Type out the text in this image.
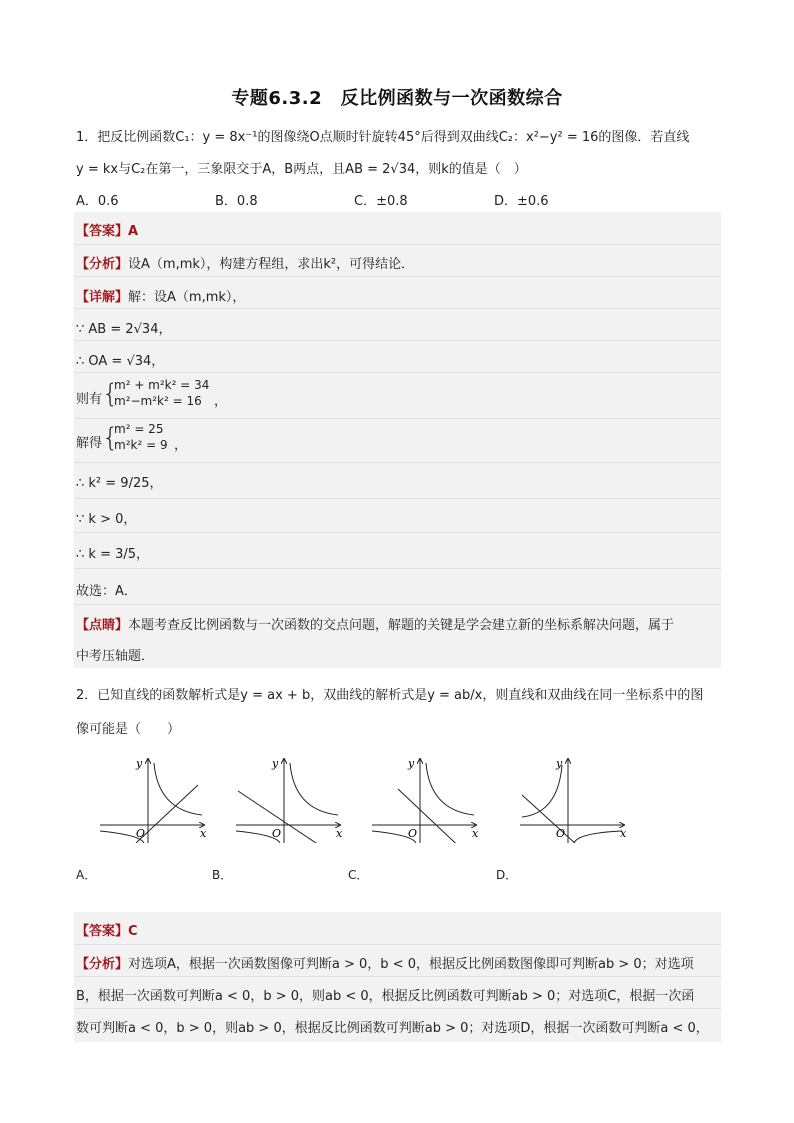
专题6.3.2　反比例函数与一次函数综合
1．把反比例函数C₁：y = 8x⁻¹的图像绕O点顺时针旋转45°后得到双曲线C₂：x²−y² = 16的图像．若直线
y = kx与C₂在第一，三象限交于A，B两点，且AB = 2√34，则k的值是（　）
A．0.6	B．0.8	C．±0.8	D．±0.6
【答案】A
【分析】设A（m,mk），构建方程组，求出k²，可得结论．
【详解】解：设A（m,mk），
∵ AB = 2√34，
∴ OA = √34，
则有 {
m² + m²k² = 34
m²−m²k² = 16 ，
解得 {
m² = 25
m²k² = 9 ，
∴ k² = 9/25，
∵ k > 0，
∴ k = 3/5，
故选：A．
【点睛】本题考查反比例函数与一次函数的交点问题，解题的关键是学会建立新的坐标系解决问题，属于
中考压轴题．
2．已知直线的函数解析式是y = ax + b，双曲线的解析式是y = ab/x，则直线和双曲线在同一坐标系中的图
像可能是（　　）
y
x
O
A．
y
x
O
B．
y
x
O
C．
y
x
O
D．
【答案】C
【分析】对选项A，根据一次函数图像可判断a > 0，b < 0，根据反比例函数图像即可判断ab > 0；对选项
B，根据一次函数可判断a < 0，b > 0，则ab < 0，根据反比例函数可判断ab > 0；对选项C，根据一次函
数可判断a < 0，b > 0，则ab > 0，根据反比例函数可判断ab > 0；对选项D，根据一次函数可判断a < 0，
